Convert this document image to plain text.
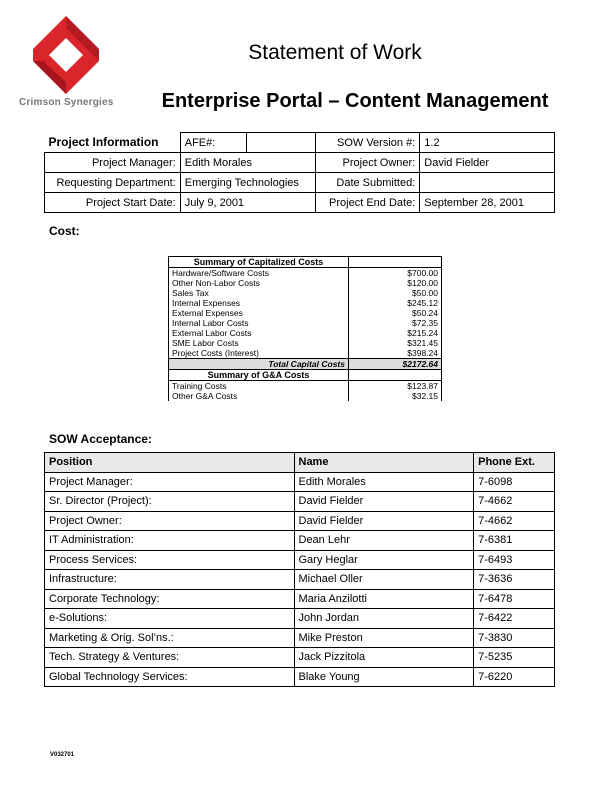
Crimson Synergies
Statement of Work
Enterprise Portal – Content Management
Project Information	AFE#:		SOW Version #:	1.2
Project Manager:	Edith Morales		Project Owner:	David Fielder
Requesting Department:	Emerging Technologies		Date Submitted:	
Project Start Date:	July 9, 2001		Project End Date:	September 28, 2001
Cost:
Summary of Capitalized Costs	
Hardware/Software Costs	$700.00
Other Non-Labor Costs	$120.00
Sales Tax	$50.00
Internal Expenses	$245.12
External Expenses	$50.24
Internal Labor Costs	$72.35
External Labor Costs	$215.24
SME Labor Costs	$321.45
Project Costs (Interest)	$398.24
Total Capital Costs	$2172.64
Summary of G&A Costs	
Training Costs	$123.87
Other G&A Costs	$32.15
SOW Acceptance:
Position	Name	Phone Ext.
Project Manager:	Edith Morales	7-6098
Sr. Director (Project):	David Fielder	7-4662
Project Owner:	David Fielder	7-4662
IT Administration:	Dean Lehr	7-6381
Process Services:	Gary Heglar	7-6493
Infrastructure:	Michael Oller	7-3636
Corporate Technology:	Maria Anzilotti	7-6478
e-Solutions:	John Jordan	7-6422
Marketing & Orig. Sol’ns.:	Mike Preston	7-3830
Tech. Strategy & Ventures:	Jack Pizzitola	7-5235
Global Technology Services:	Blake Young	7-6220
V032701
